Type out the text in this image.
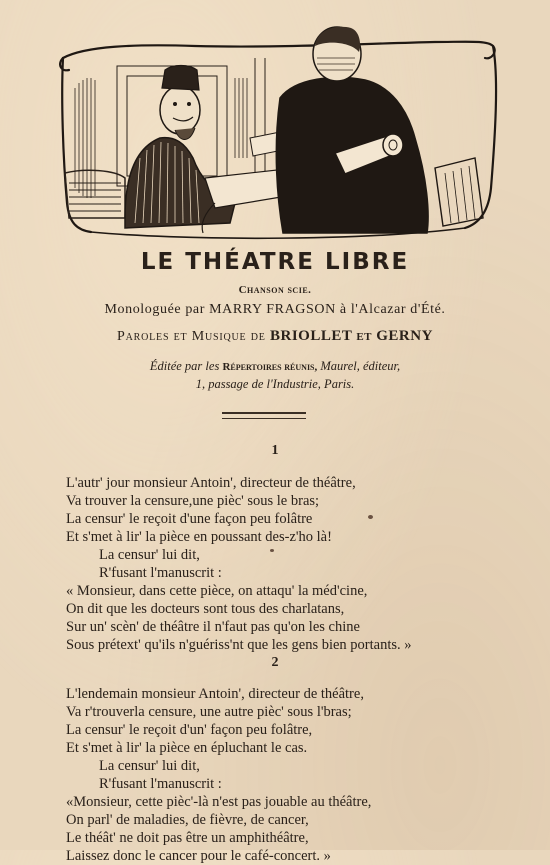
LE THÉATRE LIBRE
Chanson scie.
Monologuée par MARRY FRAGSON à l'Alcazar d'Été.
Paroles et Musique de BRIOLLET et GERNY
Éditée par les Répertoires réunis, Maurel, éditeur,
1, passage de l'Industrie, Paris.
1
L'autr' jour monsieur Antoin', directeur de théâtre,
Va trouver la censure,une pièc' sous le bras;
La censur' le reçoit d'une façon peu folâtre
Et s'met à lir' la pièce en poussant des-z'ho là!
La censur' lui dit,
R'fusant l'manuscrit :
« Monsieur, dans cette pièce, on attaqu' la méd'cine,
On dit que les docteurs sont tous des charlatans,
Sur un' scèn' de théâtre il n'faut pas qu'on les chine
Sous prétext' qu'ils n'guériss'nt que les gens bien portants. »
2
L'lendemain monsieur Antoin', directeur de théâtre,
Va r'trouverla censure, une autre pièc' sous l'bras;
La censur' le reçoit d'un' façon peu folâtre,
Et s'met à lir' la pièce en épluchant le cas.
La censur' lui dit,
R'fusant l'manuscrit :
«Monsieur, cette pièc'-là n'est pas jouable au théâtre,
On parl' de maladies, de fièvre, de cancer,
Le théât' ne doit pas être un amphithéâtre,
Laissez donc le cancer pour le café-concert. »
